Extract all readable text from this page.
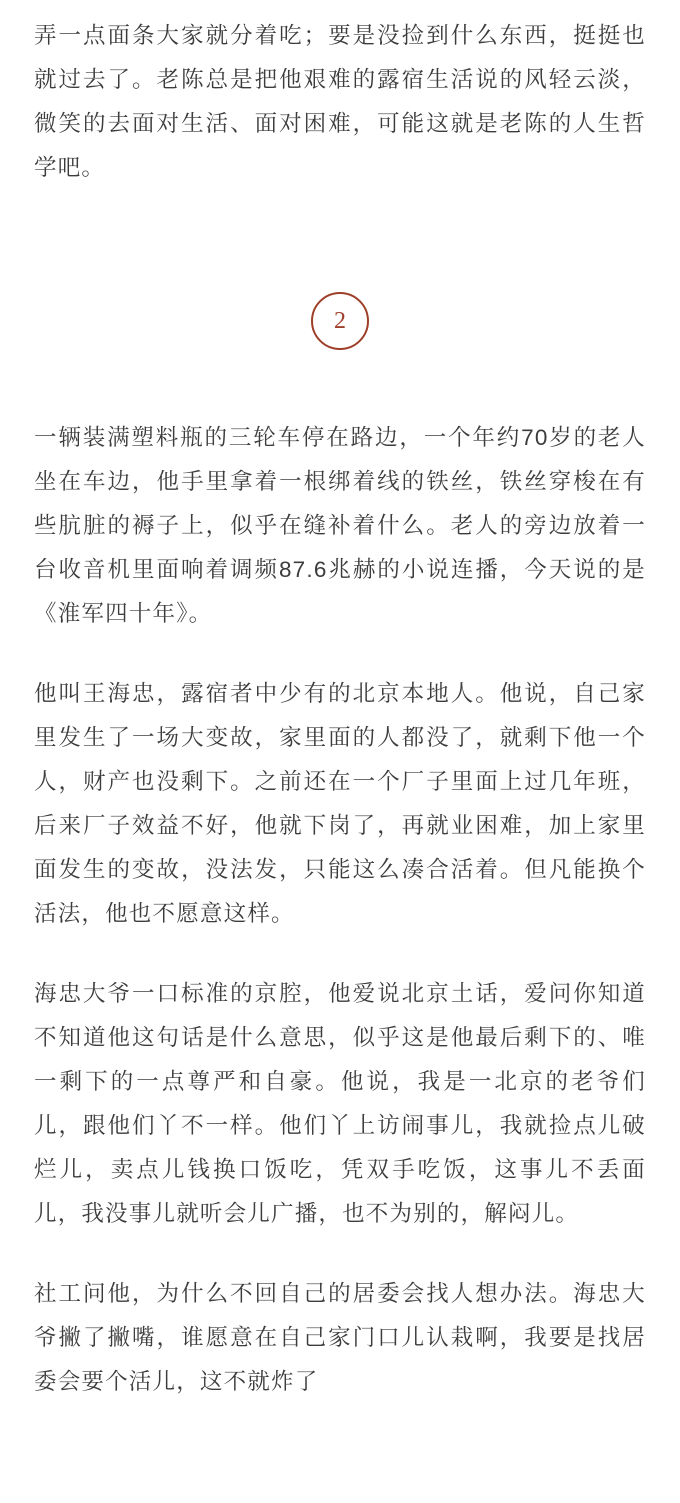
弄一点面条大家就分着吃；要是没捡到什么东西，挺挺也就过去了。老陈总是把他艰难的露宿生活说的风轻云淡，微笑的去面对生活、面对困难，可能这就是老陈的人生哲学吧。

2

一辆装满塑料瓶的三轮车停在路边，一个年约70岁的老人坐在车边，他手里拿着一根绑着线的铁丝，铁丝穿梭在有些肮脏的褥子上，似乎在缝补着什么。老人的旁边放着一台收音机里面响着调频87.6兆赫的小说连播，今天说的是《淮军四十年》。

他叫王海忠，露宿者中少有的北京本地人。他说，自己家里发生了一场大变故，家里面的人都没了，就剩下他一个人，财产也没剩下。之前还在一个厂子里面上过几年班，后来厂子效益不好，他就下岗了，再就业困难，加上家里面发生的变故，没法发，只能这么凑合活着。但凡能换个活法，他也不愿意这样。

海忠大爷一口标准的京腔，他爱说北京土话，爱问你知道不知道他这句话是什么意思，似乎这是他最后剩下的、唯一剩下的一点尊严和自豪。他说，我是一北京的老爷们儿，跟他们丫不一样。他们丫上访闹事儿，我就捡点儿破烂儿，卖点儿钱换口饭吃，凭双手吃饭，这事儿不丢面儿，我没事儿就听会儿广播，也不为别的，解闷儿。

社工问他，为什么不回自己的居委会找人想办法。海忠大爷撇了撇嘴，谁愿意在自己家门口儿认栽啊，我要是找居委会要个活儿，这不就炸了
